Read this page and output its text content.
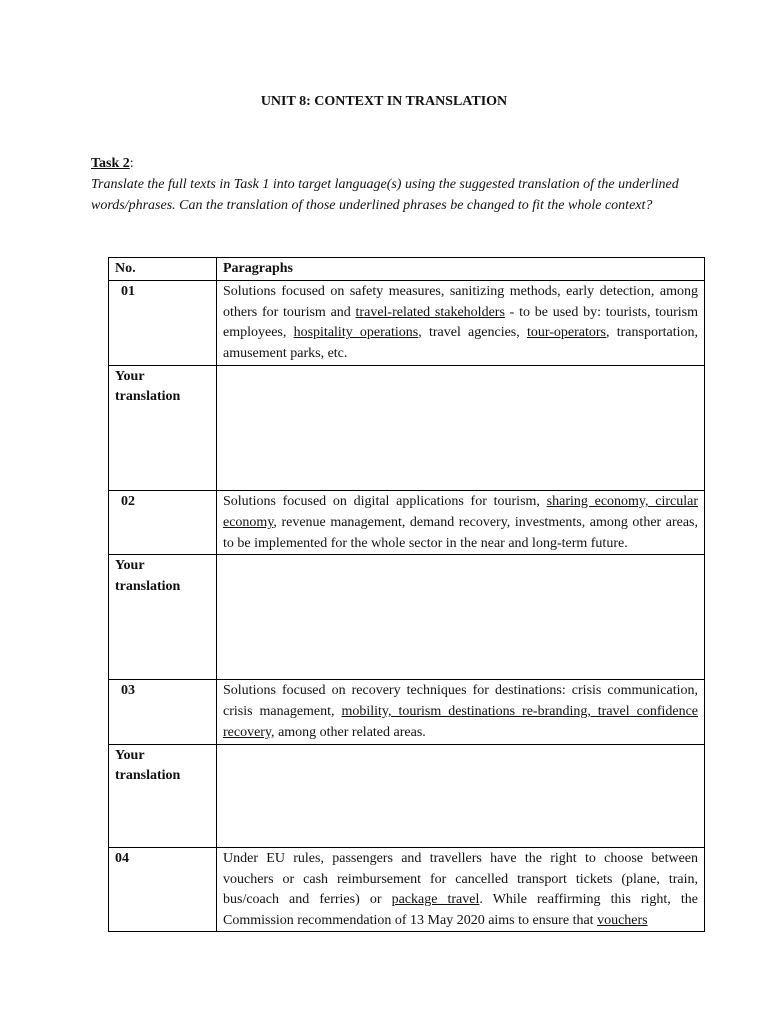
UNIT 8: CONTEXT IN TRANSLATION
Task 2:
Translate the full texts in Task 1 into target language(s) using the suggested translation of the underlined words/phrases. Can the translation of those underlined phrases be changed to fit the whole context?
No.	Paragraphs
01	Solutions focused on safety measures, sanitizing methods, early detection, among others for tourism and travel-related stakeholders - to be used by: tourists, tourism employees, hospitality operations, travel agencies, tour-operators, transportation, amusement parks, etc.

Your
translation	

02	Solutions focused on digital applications for tourism, sharing economy, circular economy, revenue management, demand recovery, investments, among other areas, to be implemented for the whole sector in the near and long-term future.

Your
translation	

03	Solutions focused on recovery techniques for destinations: crisis communication, crisis management, mobility, tourism destinations re-branding, travel confidence recovery, among other related areas.

Your
translation	

04	Under EU rules, passengers and travellers have the right to choose between vouchers or cash reimbursement for cancelled transport tickets (plane, train, bus/coach and ferries) or package travel. While reaffirming this right, the Commission recommendation of 13 May 2020 aims to ensure that vouchers
